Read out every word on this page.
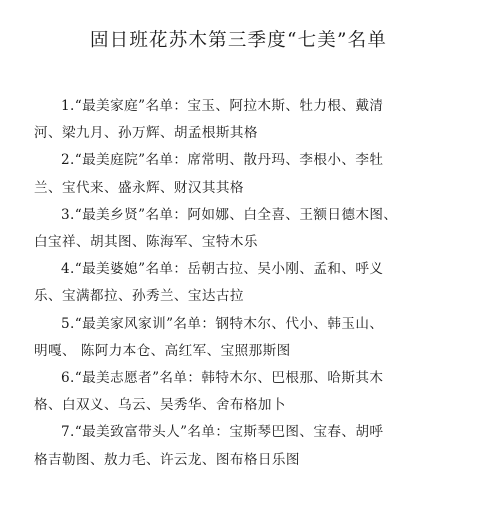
固日班花苏木第三季度“七美”名单
1.“最美家庭”名单：宝玉、阿拉木斯、牡力根、戴清
河、梁九月、孙万辉、胡孟根斯其格
2.“最美庭院”名单：席常明、散丹玛、李根小、李牡
兰、宝代来、盛永辉、财汉其其格
3.“最美乡贤”名单：阿如娜、白全喜、王额日德木图、
白宝祥、胡其图、陈海军、宝特木乐
4.“最美婆媳”名单：岳朝古拉、吴小刚、孟和、呼义
乐、宝满都拉、孙秀兰、宝达古拉
5.“最美家风家训”名单：钢特木尔、代小、韩玉山、
明嘎、 陈阿力本仓、高红军、宝照那斯图
6.“最美志愿者”名单：韩特木尔、巴根那、哈斯其木
格、白双义、乌云、吴秀华、舍布格加卜
7.“最美致富带头人”名单：宝斯琴巴图、宝春、胡呼
格吉勒图、敖力毛、许云龙、图布格日乐图
